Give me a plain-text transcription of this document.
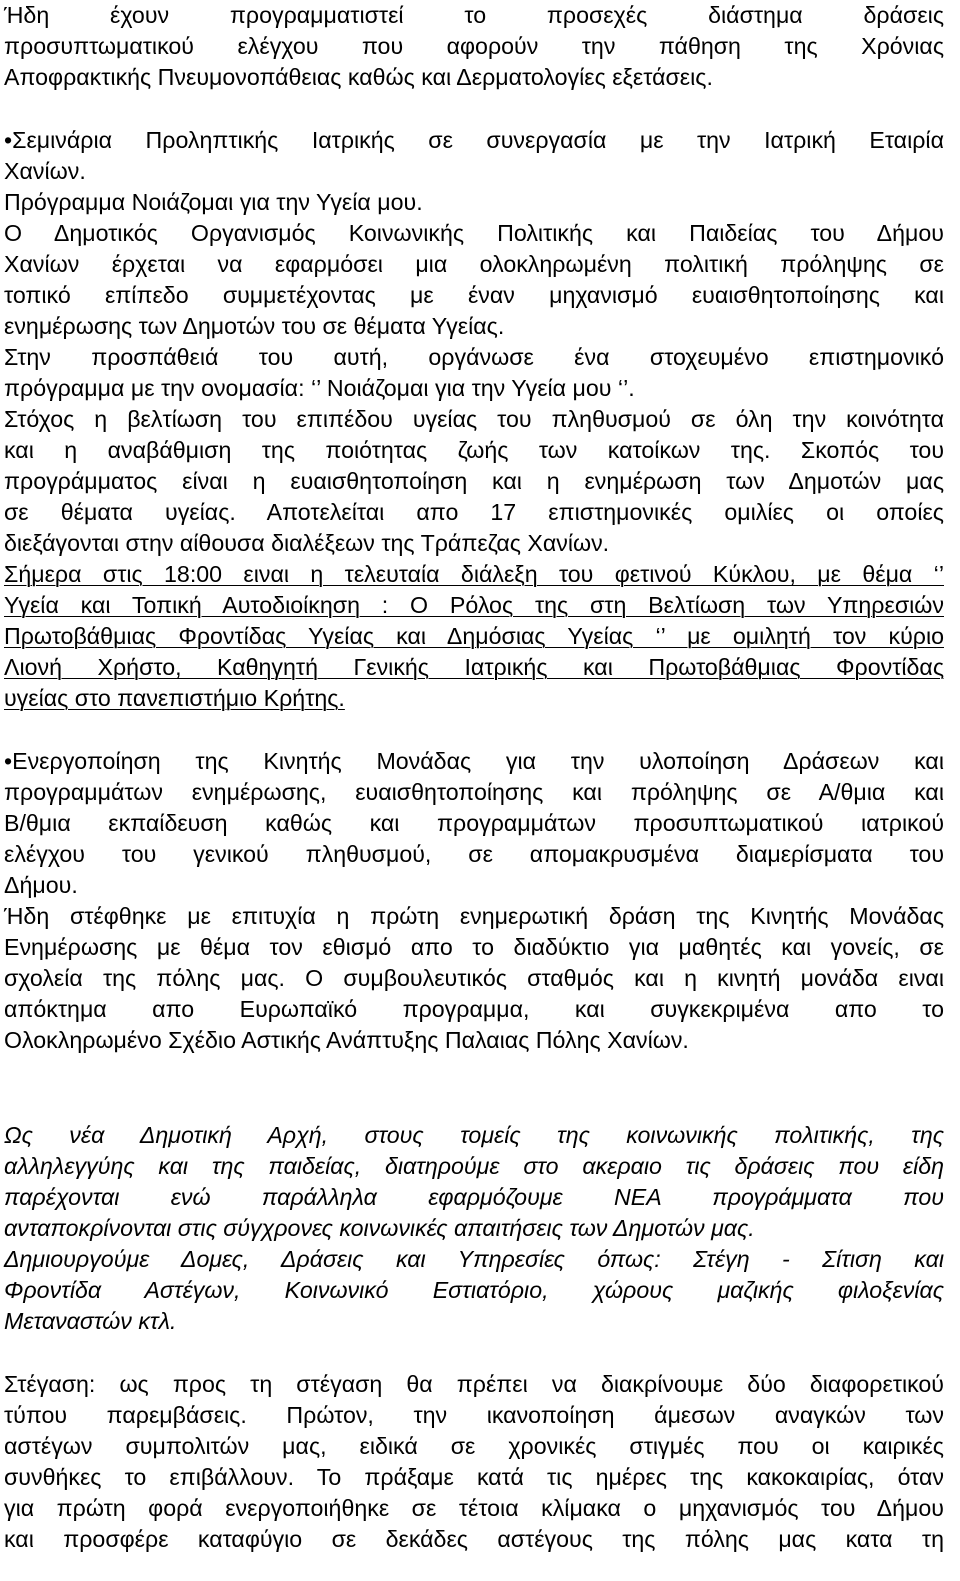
Ήδη έχουν προγραμματιστεί το προσεχές διάστημα δράσεις
προσυπτωματικού ελέγχου που αφορούν την πάθηση της Χρόνιας
Αποφρακτικής Πνευμονοπάθειας καθώς και Δερματολογίες εξετάσεις.
•Σεμινάρια Προληπτικής Ιατρικής σε συνεργασία με την Ιατρική Εταιρία
Χανίων.
Πρόγραμμα Νοιάζομαι για την Υγεία μου.
Ο Δημοτικός Οργανισμός Κοινωνικής Πολιτικής και Παιδείας του Δήμου
Χανίων έρχεται να εφαρμόσει μια ολοκληρωμένη πολιτική πρόληψης σε
τοπικό επίπεδο συμμετέχοντας με έναν μηχανισμό ευαισθητοποίησης και
ενημέρωσης των Δημοτών του σε θέματα Υγείας.
Στην προσπάθειά του αυτή, οργάνωσε ένα στοχευμένο επιστημονικό
πρόγραμμα με την ονομασία: ‘’ Νοιάζομαι για την Υγεία μου ‘’.
Στόχος η βελτίωση του επιπέδου υγείας του πληθυσμού σε όλη την κοινότητα
και η αναβάθμιση της ποιότητας ζωής των κατοίκων της. Σκοπός του
προγράμματος είναι η ευαισθητοποίηση και η ενημέρωση των Δημοτών μας
σε θέματα υγείας. Αποτελείται απο 17 επιστημονικές ομιλίες οι οποίες
διεξάγονται στην αίθουσα διαλέξεων της Τράπεζας Χανίων.
Σήμερα στις 18:00 ειναι η τελευταία διάλεξη του φετινού Κύκλου, με θέμα ‘’
Υγεία και Τοπική Αυτοδιοίκηση : Ο Ρόλος της στη Βελτίωση των Υπηρεσιών
Πρωτοβάθμιας Φροντίδας Υγείας και Δημόσιας Υγείας ‘’ με ομιλητή τον κύριο
Λιονή Χρήστο, Καθηγητή Γενικής Ιατρικής και Πρωτοβάθμιας Φροντίδας
υγείας στο πανεπιστήμιο Κρήτης.
•Ενεργοποίηση της Κινητής Μονάδας για την υλοποίηση Δράσεων και
προγραμμάτων ενημέρωσης, ευαισθητοποίησης και πρόληψης σε Α/θμια και
Β/θμια εκπαίδευση καθώς και προγραμμάτων προσυπτωματικού ιατρικού
ελέγχου του γενικού πληθυσμού, σε απομακρυσμένα διαμερίσματα του
Δήμου.
Ήδη στέφθηκε με επιτυχία η πρώτη ενημερωτική δράση της Κινητής Μονάδας
Ενημέρωσης με θέμα τον εθισμό απο το διαδύκτιο για μαθητές και γονείς, σε
σχολεία της πόλης μας. Ο συμβουλευτικός σταθμός και η κινητή μονάδα ειναι
απόκτημα απο Ευρωπαϊκό προγραμμα, και συγκεκριμένα απο το
Ολοκληρωμένο Σχέδιο Αστικής Ανάπτυξης Παλαιας Πόλης Χανίων.
Ως νέα Δημοτική Αρχή, στους τομείς της κοινωνικής πολιτικής, της
αλληλεγγύης και της παιδείας, διατηρούμε στο ακεραιο τις δράσεις που είδη
παρέχονται ενώ παράλληλα εφαρμόζουμε ΝΕΑ προγράμματα που
ανταποκρίνονται στις σύγχρονες κοινωνικές απαιτήσεις των Δημοτών μας.
Δημιουργούμε Δομες, Δράσεις και Υπηρεσίες όπως: Στέγη - Σίτιση και
Φροντίδα Αστέγων, Κοινωνικό Εστιατόριο, χώρους μαζικής φιλοξενίας
Μεταναστών κτλ.
Στέγαση: ως προς τη στέγαση θα πρέπει να διακρίνουμε δύο διαφορετικού
τύπου παρεμβάσεις. Πρώτον, την ικανοποίηση άμεσων αναγκών των
αστέγων συμπολιτών μας, ειδικά σε χρονικές στιγμές που οι καιρικές
συνθήκες το επιβάλλουν. Το πράξαμε κατά τις ημέρες της κακοκαιρίας, όταν
για πρώτη φορά ενεργοποιήθηκε σε τέτοια κλίμακα ο μηχανισμός του Δήμου
και προσφέρε καταφύγιο σε δεκάδες αστέγους της πόλης μας κατα τη
